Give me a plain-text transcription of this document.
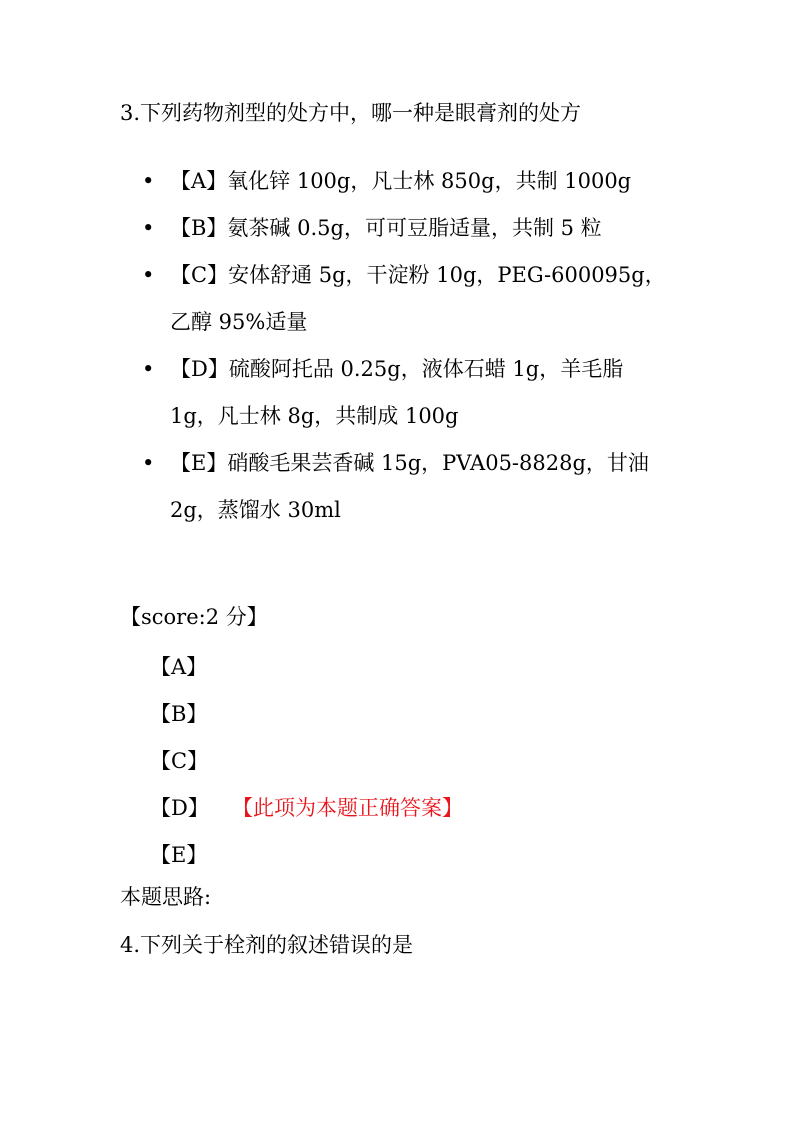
3.下列药物剂型的处方中，哪一种是眼膏剂的处方
• 【A】氧化锌 100g，凡士林 850g，共制 1000g
• 【B】氨茶碱 0.5g，可可豆脂适量，共制 5 粒
• 【C】安体舒通 5g，干淀粉 10g，PEG-600095g，
乙醇 95%适量
• 【D】硫酸阿托品 0.25g，液体石蜡 1g，羊毛脂
1g，凡士林 8g，共制成 100g
• 【E】硝酸毛果芸香碱 15g，PVA05-8828g，甘油
2g，蒸馏水 30ml
【score:2 分】
【A】
【B】
【C】
【D】 【此项为本题正确答案】
【E】
本题思路:
4.下列关于栓剂的叙述错误的是
